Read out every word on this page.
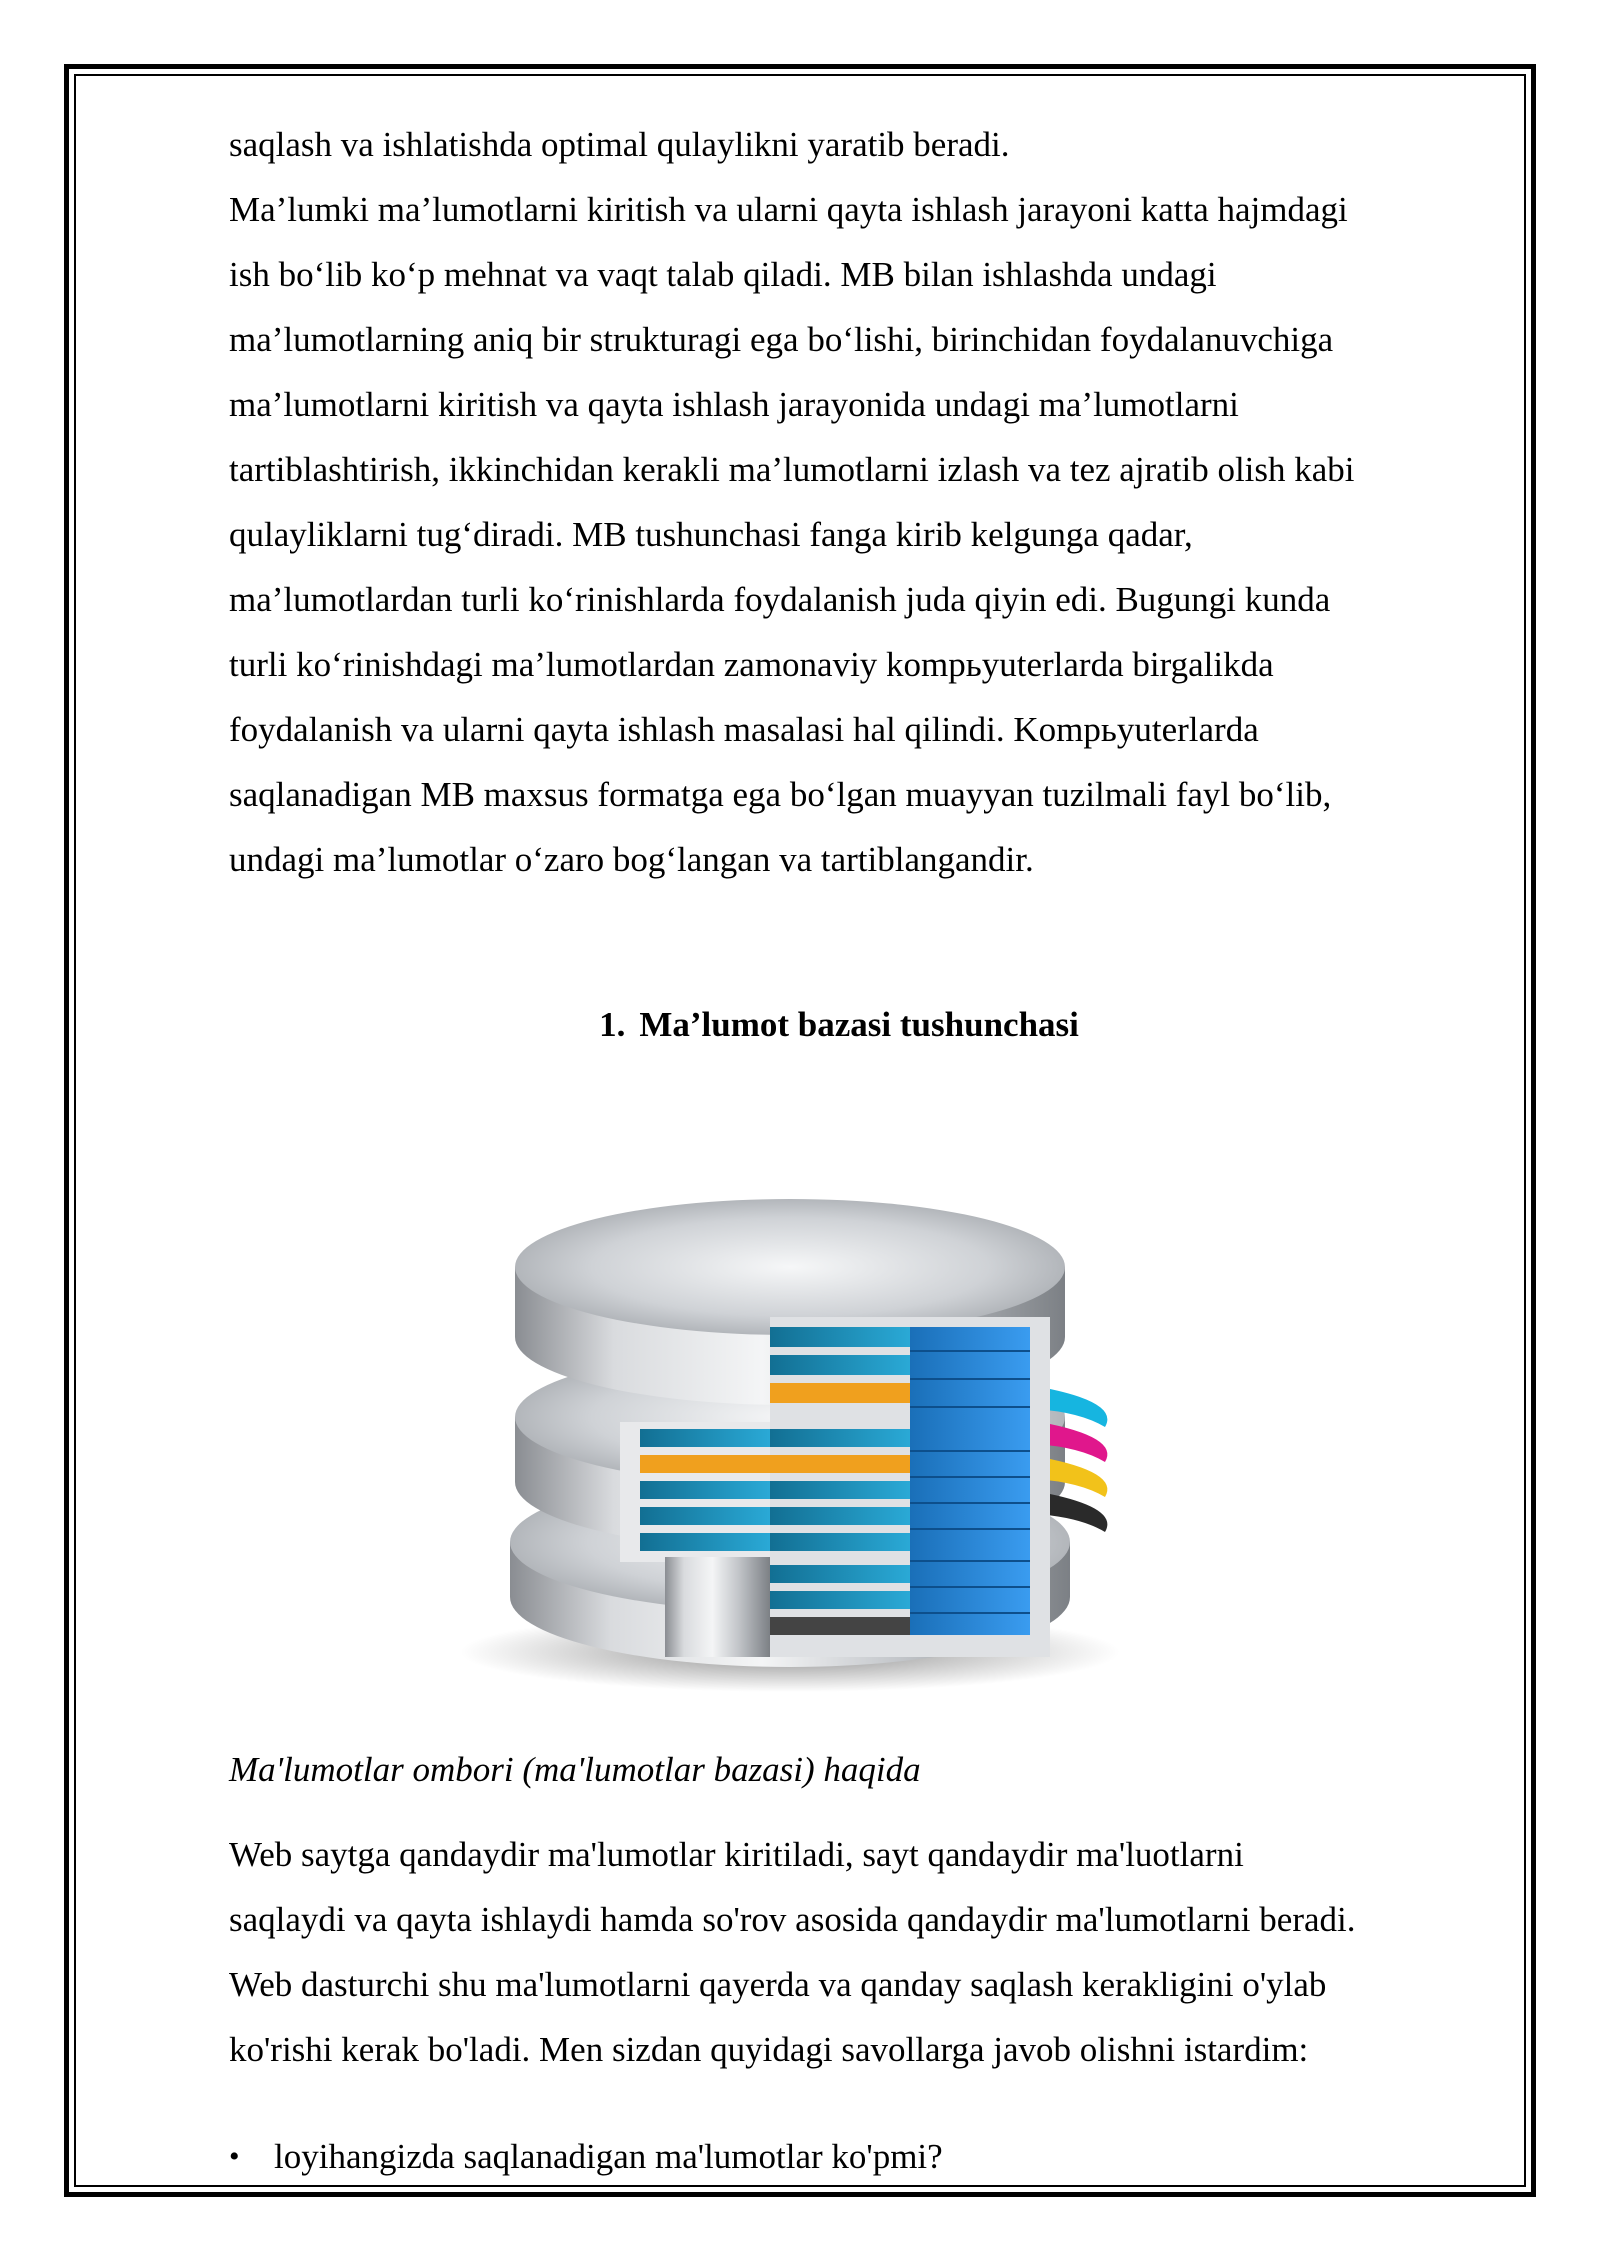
saqlash va ishlatishda optimal qulaylikni yaratib beradi.

Ma’lumki ma’lumotlarni kiritish va ularni qayta ishlash jarayoni katta hajmdagi

ish bo‘lib ko‘p mehnat va vaqt talab qiladi. MB bilan ishlashda undagi

ma’lumotlarning aniq bir strukturagi ega bo‘lishi, birinchidan foydalanuvchiga

ma’lumotlarni kiritish va qayta ishlash jarayonida undagi ma’lumotlarni

tartiblashtirish, ikkinchidan kerakli ma’lumotlarni izlash va tez ajratib olish kabi

qulayliklarni tug‘diradi. MB tushunchasi fanga kirib kelgunga qadar,

ma’lumotlardan turli ko‘rinishlarda foydalanish juda qiyin edi. Bugungi kunda

turli ko‘rinishdagi ma’lumotlardan zamonaviy kompьyuterlarda birgalikda

foydalanish va ularni qayta ishlash masalasi hal qilindi. Kompьyuterlarda

saqlanadigan MB maxsus formatga ega bo‘lgan muayyan tuzilmali fayl bo‘lib,

undagi ma’lumotlar o‘zaro bog‘langan va tartiblangandir.

1. Ma’lumot bazasi tushunchasi

Ma'lumotlar ombori (ma'lumotlar bazasi) haqida

Web saytga qandaydir ma'lumotlar kiritiladi, sayt qandaydir ma'luotlarni

saqlaydi va qayta ishlaydi hamda so'rov asosida qandaydir ma'lumotlarni beradi.

Web dasturchi shu ma'lumotlarni qayerda va qanday saqlash kerakligini o'ylab

ko'rishi kerak bo'ladi. Men sizdan quyidagi savollarga javob olishni istardim:

• loyihangizda saqlanadigan ma'lumotlar ko'pmi?
